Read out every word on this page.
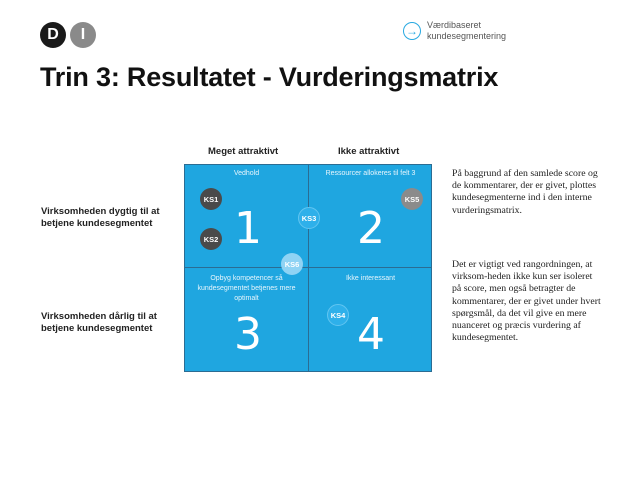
D	I	→	Værdibaseret
kundesegmentering
Trin 3: Resultatet - Vurderingsmatrix
Meget attraktivt	Ikke attraktivt
Virksomheden dygtig til at
betjene kundesegmentet
Virksomheden dårlig til at
betjene kundesegmentet
Vedhold	Ressourcer allokeres til felt 3
Opbyg kompetencer så
kundesegmentet betjenes mere
optimalt
Ikke interessant
1 2
3 4
KS1
KS2
KS3
KS5
KS6
KS4
På baggrund af den samlede score og de kommentarer, der er givet, plottes kundesegmenterne ind i den interne vurderingsmatrix.
Det er vigtigt ved rangordningen, at virksom-heden ikke kun ser isoleret på score, men også betragter de kommentarer, der er givet under hvert spørgsmål, da det vil give en mere nuanceret og præcis vurdering af kundesegmentet.
